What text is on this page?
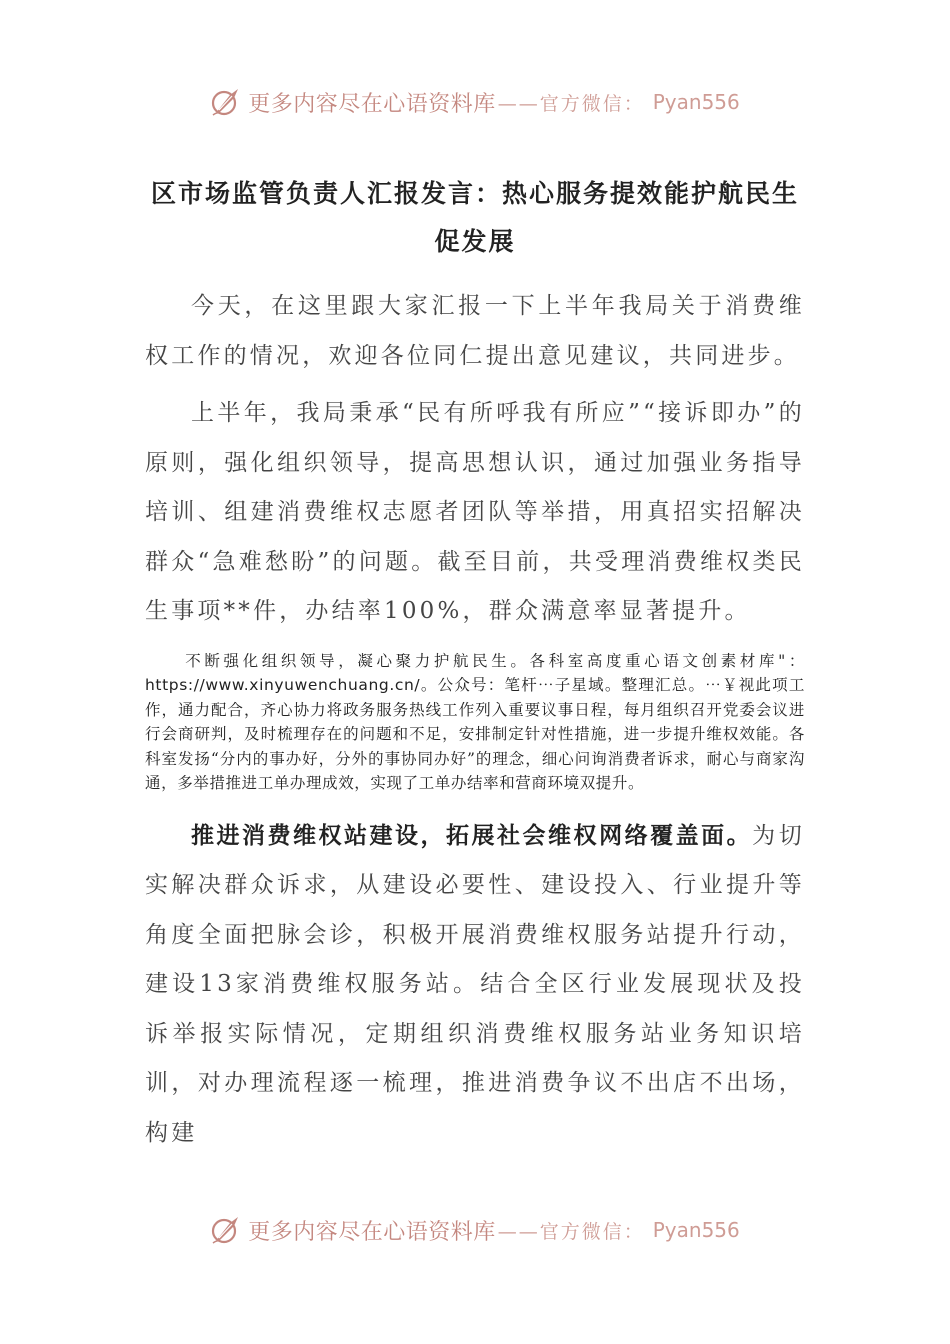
更多内容尽在心语资料库 ——官方微信： Pyan556
区市场监管负责人汇报发言：热心服务提效能护航民生促发展

今天，在这里跟大家汇报一下上半年我局关于消费维权工作的情况，欢迎各位同仁提出意见建议，共同进步。

上半年，我局秉承“民有所呼我有所应”“接诉即办”的原则，强化组织领导，提高思想认识，通过加强业务指导培训、组建消费维权志愿者团队等举措，用真招实招解决群众“急难愁盼”的问题。截至目前，共受理消费维权类民生事项**件，办结率100%，群众满意率显著提升。

不断强化组织领导，凝心聚力护航民生。各科室高度重心语文创素材库"：https://www.xinyuwenchuang.cn/。公众号：笔杆⋯子星域。整理汇总。⋯￥视此项工作，通力配合，齐心协力将政务服务热线工作列入重要议事日程，每月组织召开党委会议进行会商研判，及时梳理存在的问题和不足，安排制定针对性措施，进一步提升维权效能。各科室发扬“分内的事办好，分外的事协同办好”的理念，细心问询消费者诉求，耐心与商家沟通，多举措推进工单办理成效，实现了工单办结率和营商环境双提升。

推进消费维权站建设，拓展社会维权网络覆盖面。为切实解决群众诉求，从建设必要性、建设投入、行业提升等角度全面把脉会诊，积极开展消费维权服务站提升行动，建设13家消费维权服务站。结合全区行业发展现状及投诉举报实际情况，定期组织消费维权服务站业务知识培训，对办理流程逐一梳理，推进消费争议不出店不出场，构建

更多内容尽在心语资料库 ——官方微信： Pyan556
